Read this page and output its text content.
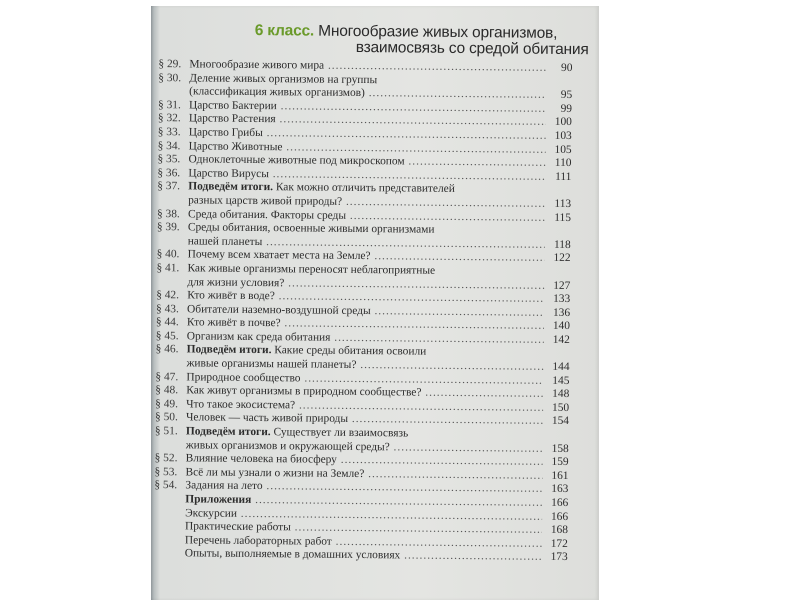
6 класс. Многообразие живых организмов,
взаимосвязь со средой обитания
§ 29. Многообразие живого мира .....	90
§ 30. Деление живых организмов на группы
(классификация живых организмов) .....	95
§ 31. Царство Бактерии .....	99
§ 32. Царство Растения .....	100
§ 33. Царство Грибы .....	103
§ 34. Царство Животные .....	105
§ 35. Одноклеточные животные под микроскопом .....	110
§ 36. Царство Вирусы .....	111
§ 37. Подведём итоги. Как можно отличить представителей
разных царств живой природы? .....	113
§ 38. Среда обитания. Факторы среды .....	115
§ 39. Среды обитания, освоенные живыми организмами
нашей планеты .....	118
§ 40. Почему всем хватает места на Земле? .....	122
§ 41. Как живые организмы переносят неблагоприятные
для жизни условия? .....	127
§ 42. Кто живёт в воде? .....	133
§ 43. Обитатели наземно-воздушной среды .....	136
§ 44. Кто живёт в почве? .....	140
§ 45. Организм как среда обитания .....	142
§ 46. Подведём итоги. Какие среды обитания освоили
живые организмы нашей планеты? .....	144
§ 47. Природное сообщество .....	145
§ 48. Как живут организмы в природном сообществе? .....	148
§ 49. Что такое экосистема? .....	150
§ 50. Человек — часть живой природы .....	154
§ 51. Подведём итоги. Существует ли взаимосвязь
живых организмов и окружающей среды? .....	158
§ 52. Влияние человека на биосферу .....	159
§ 53. Всё ли мы узнали о жизни на Земле? .....	161
§ 54. Задания на лето .....	163
Приложения .....	166
Экскурсии .....	166
Практические работы .....	168
Перечень лабораторных работ .....	172
Опыты, выполняемые в домашних условиях .....	173
